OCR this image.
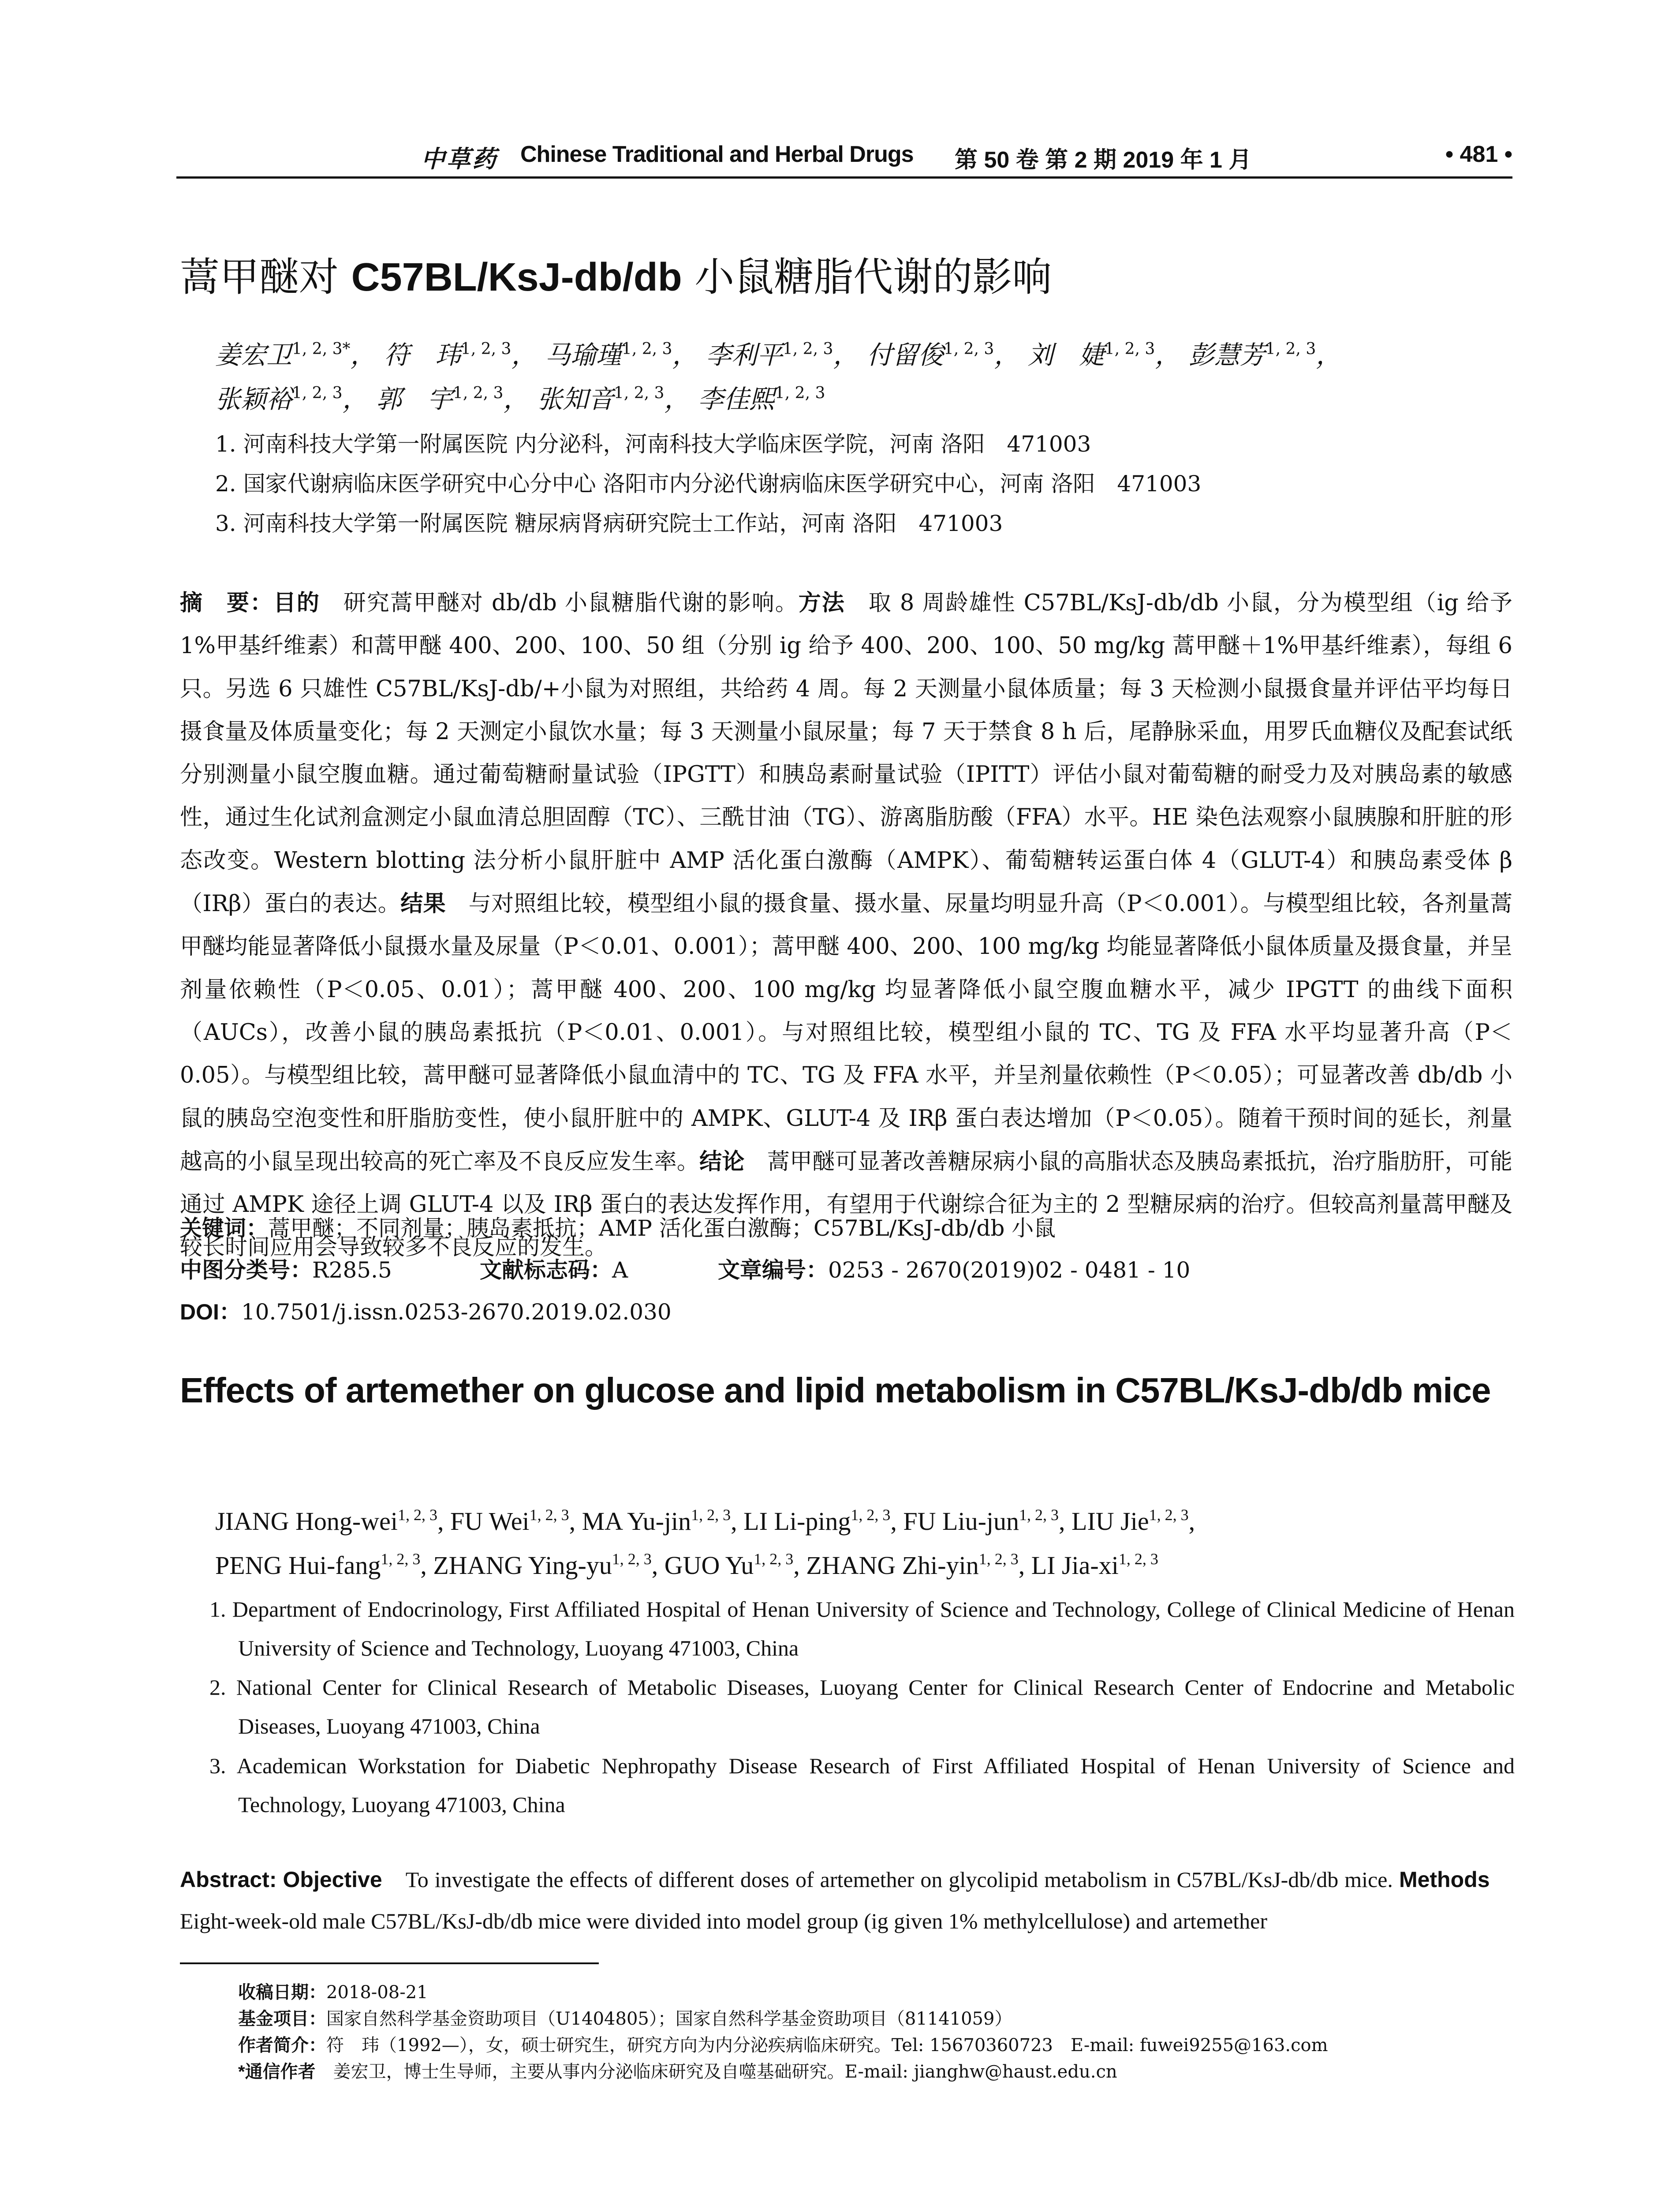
中草药 Chinese Traditional and Herbal Drugs 第 50 卷 第 2 期 2019 年 1 月	• 481 •
蒿甲醚对 C57BL/KsJ-db/db 小鼠糖脂代谢的影响
姜宏卫$^{1, 2, 3*}$， 符　玮$^{1, 2, 3}$， 马瑜瑾$^{1, 2, 3}$， 李利平$^{1, 2, 3}$， 付留俊$^{1, 2, 3}$， 刘　婕$^{1, 2, 3}$， 彭慧芳$^{1, 2, 3}$，
张颖裕$^{1, 2, 3}$， 郭　宇$^{1, 2, 3}$， 张知音$^{1, 2, 3}$， 李佳熙$^{1, 2, 3}$
1. 河南科技大学第一附属医院 内分泌科，河南科技大学临床医学院，河南 洛阳　471003
2. 国家代谢病临床医学研究中心分中心 洛阳市内分泌代谢病临床医学研究中心，河南 洛阳　471003
3. 河南科技大学第一附属医院 糖尿病肾病研究院士工作站，河南 洛阳　471003
摘　要：目的　研究蒿甲醚对 db/db 小鼠糖脂代谢的影响。方法　取 8 周龄雄性 C57BL/KsJ-db/db 小鼠，分为模型组（ig 给予 1%甲基纤维素）和蒿甲醚 400、200、100、50 组（分别 ig 给予 400、200、100、50 mg/kg 蒿甲醚＋1%甲基纤维素），每组 6 只。另选 6 只雄性 C57BL/KsJ-db/+小鼠为对照组，共给药 4 周。每 2 天测量小鼠体质量；每 3 天检测小鼠摄食量并评估平均每日摄食量及体质量变化；每 2 天测定小鼠饮水量；每 3 天测量小鼠尿量；每 7 天于禁食 8 h 后，尾静脉采血，用罗氏血糖仪及配套试纸分别测量小鼠空腹血糖。通过葡萄糖耐量试验（IPGTT）和胰岛素耐量试验（IPITT）评估小鼠对葡萄糖的耐受力及对胰岛素的敏感性，通过生化试剂盒测定小鼠血清总胆固醇（TC）、三酰甘油（TG）、游离脂肪酸（FFA）水平。HE 染色法观察小鼠胰腺和肝脏的形态改变。Western blotting 法分析小鼠肝脏中 AMP 活化蛋白激酶（AMPK）、葡萄糖转运蛋白体 4（GLUT-4）和胰岛素受体 β（IRβ）蛋白的表达。结果　与对照组比较，模型组小鼠的摄食量、摄水量、尿量均明显升高（P＜0.001）。与模型组比较，各剂量蒿甲醚均能显著降低小鼠摄水量及尿量（P＜0.01、0.001）；蒿甲醚 400、200、100 mg/kg 均能显著降低小鼠体质量及摄食量，并呈剂量依赖性（P＜0.05、0.01）；蒿甲醚 400、200、100 mg/kg 均显著降低小鼠空腹血糖水平，减少 IPGTT 的曲线下面积（AUCs），改善小鼠的胰岛素抵抗（P＜0.01、0.001）。与对照组比较，模型组小鼠的 TC、TG 及 FFA 水平均显著升高（P＜0.05）。与模型组比较，蒿甲醚可显著降低小鼠血清中的 TC、TG 及 FFA 水平，并呈剂量依赖性（P＜0.05）；可显著改善 db/db 小鼠的胰岛空泡变性和肝脂肪变性，使小鼠肝脏中的 AMPK、GLUT-4 及 IRβ 蛋白表达增加（P＜0.05）。随着干预时间的延长，剂量越高的小鼠呈现出较高的死亡率及不良反应发生率。结论　蒿甲醚可显著改善糖尿病小鼠的高脂状态及胰岛素抵抗，治疗脂肪肝，可能通过 AMPK 途径上调 GLUT-4 以及 IRβ 蛋白的表达发挥作用，有望用于代谢综合征为主的 2 型糖尿病的治疗。但较高剂量蒿甲醚及较长时间应用会导致较多不良反应的发生。
关键词：蒿甲醚；不同剂量；胰岛素抵抗；AMP 活化蛋白激酶；C57BL/KsJ-db/db 小鼠
中图分类号：R285.5	文献标志码：A	文章编号：0253 - 2670(2019)02 - 0481 - 10
DOI：10.7501/j.issn.0253-2670.2019.02.030
Effects of artemether on glucose and lipid metabolism in C57BL/KsJ-db/db mice
JIANG Hong-wei$^{1, 2, 3}$, FU Wei$^{1, 2, 3}$, MA Yu-jin$^{1, 2, 3}$, LI Li-ping$^{1, 2, 3}$, FU Liu-jun$^{1, 2, 3}$, LIU Jie$^{1, 2, 3}$,
PENG Hui-fang$^{1, 2, 3}$, ZHANG Ying-yu$^{1, 2, 3}$, GUO Yu$^{1, 2, 3}$, ZHANG Zhi-yin$^{1, 2, 3}$, LI Jia-xi$^{1, 2, 3}$
1. Department of Endocrinology, First Affiliated Hospital of Henan University of Science and Technology, College of Clinical Medicine of Henan University of Science and Technology, Luoyang 471003, China
2. National Center for Clinical Research of Metabolic Diseases, Luoyang Center for Clinical Research Center of Endocrine and Metabolic Diseases, Luoyang 471003, China
3. Academican Workstation for Diabetic Nephropathy Disease Research of First Affiliated Hospital of Henan University of Science and Technology, Luoyang 471003, China
Abstract: Objective　To investigate the effects of different doses of artemether on glycolipid metabolism in C57BL/KsJ-db/db mice. Methods　Eight-week-old male C57BL/KsJ-db/db mice were divided into model group (ig given 1% methylcellulose) and artemether
收稿日期：2018-08-21
基金项目：国家自然科学基金资助项目（U1404805）；国家自然科学基金资助项目（81141059）
作者简介：符　玮（1992—），女，硕士研究生，研究方向为内分泌疾病临床研究。Tel: 15670360723　E-mail: fuwei9255@163.com
*通信作者　姜宏卫，博士生导师，主要从事内分泌临床研究及自噬基础研究。E-mail: jianghw@haust.edu.cn
